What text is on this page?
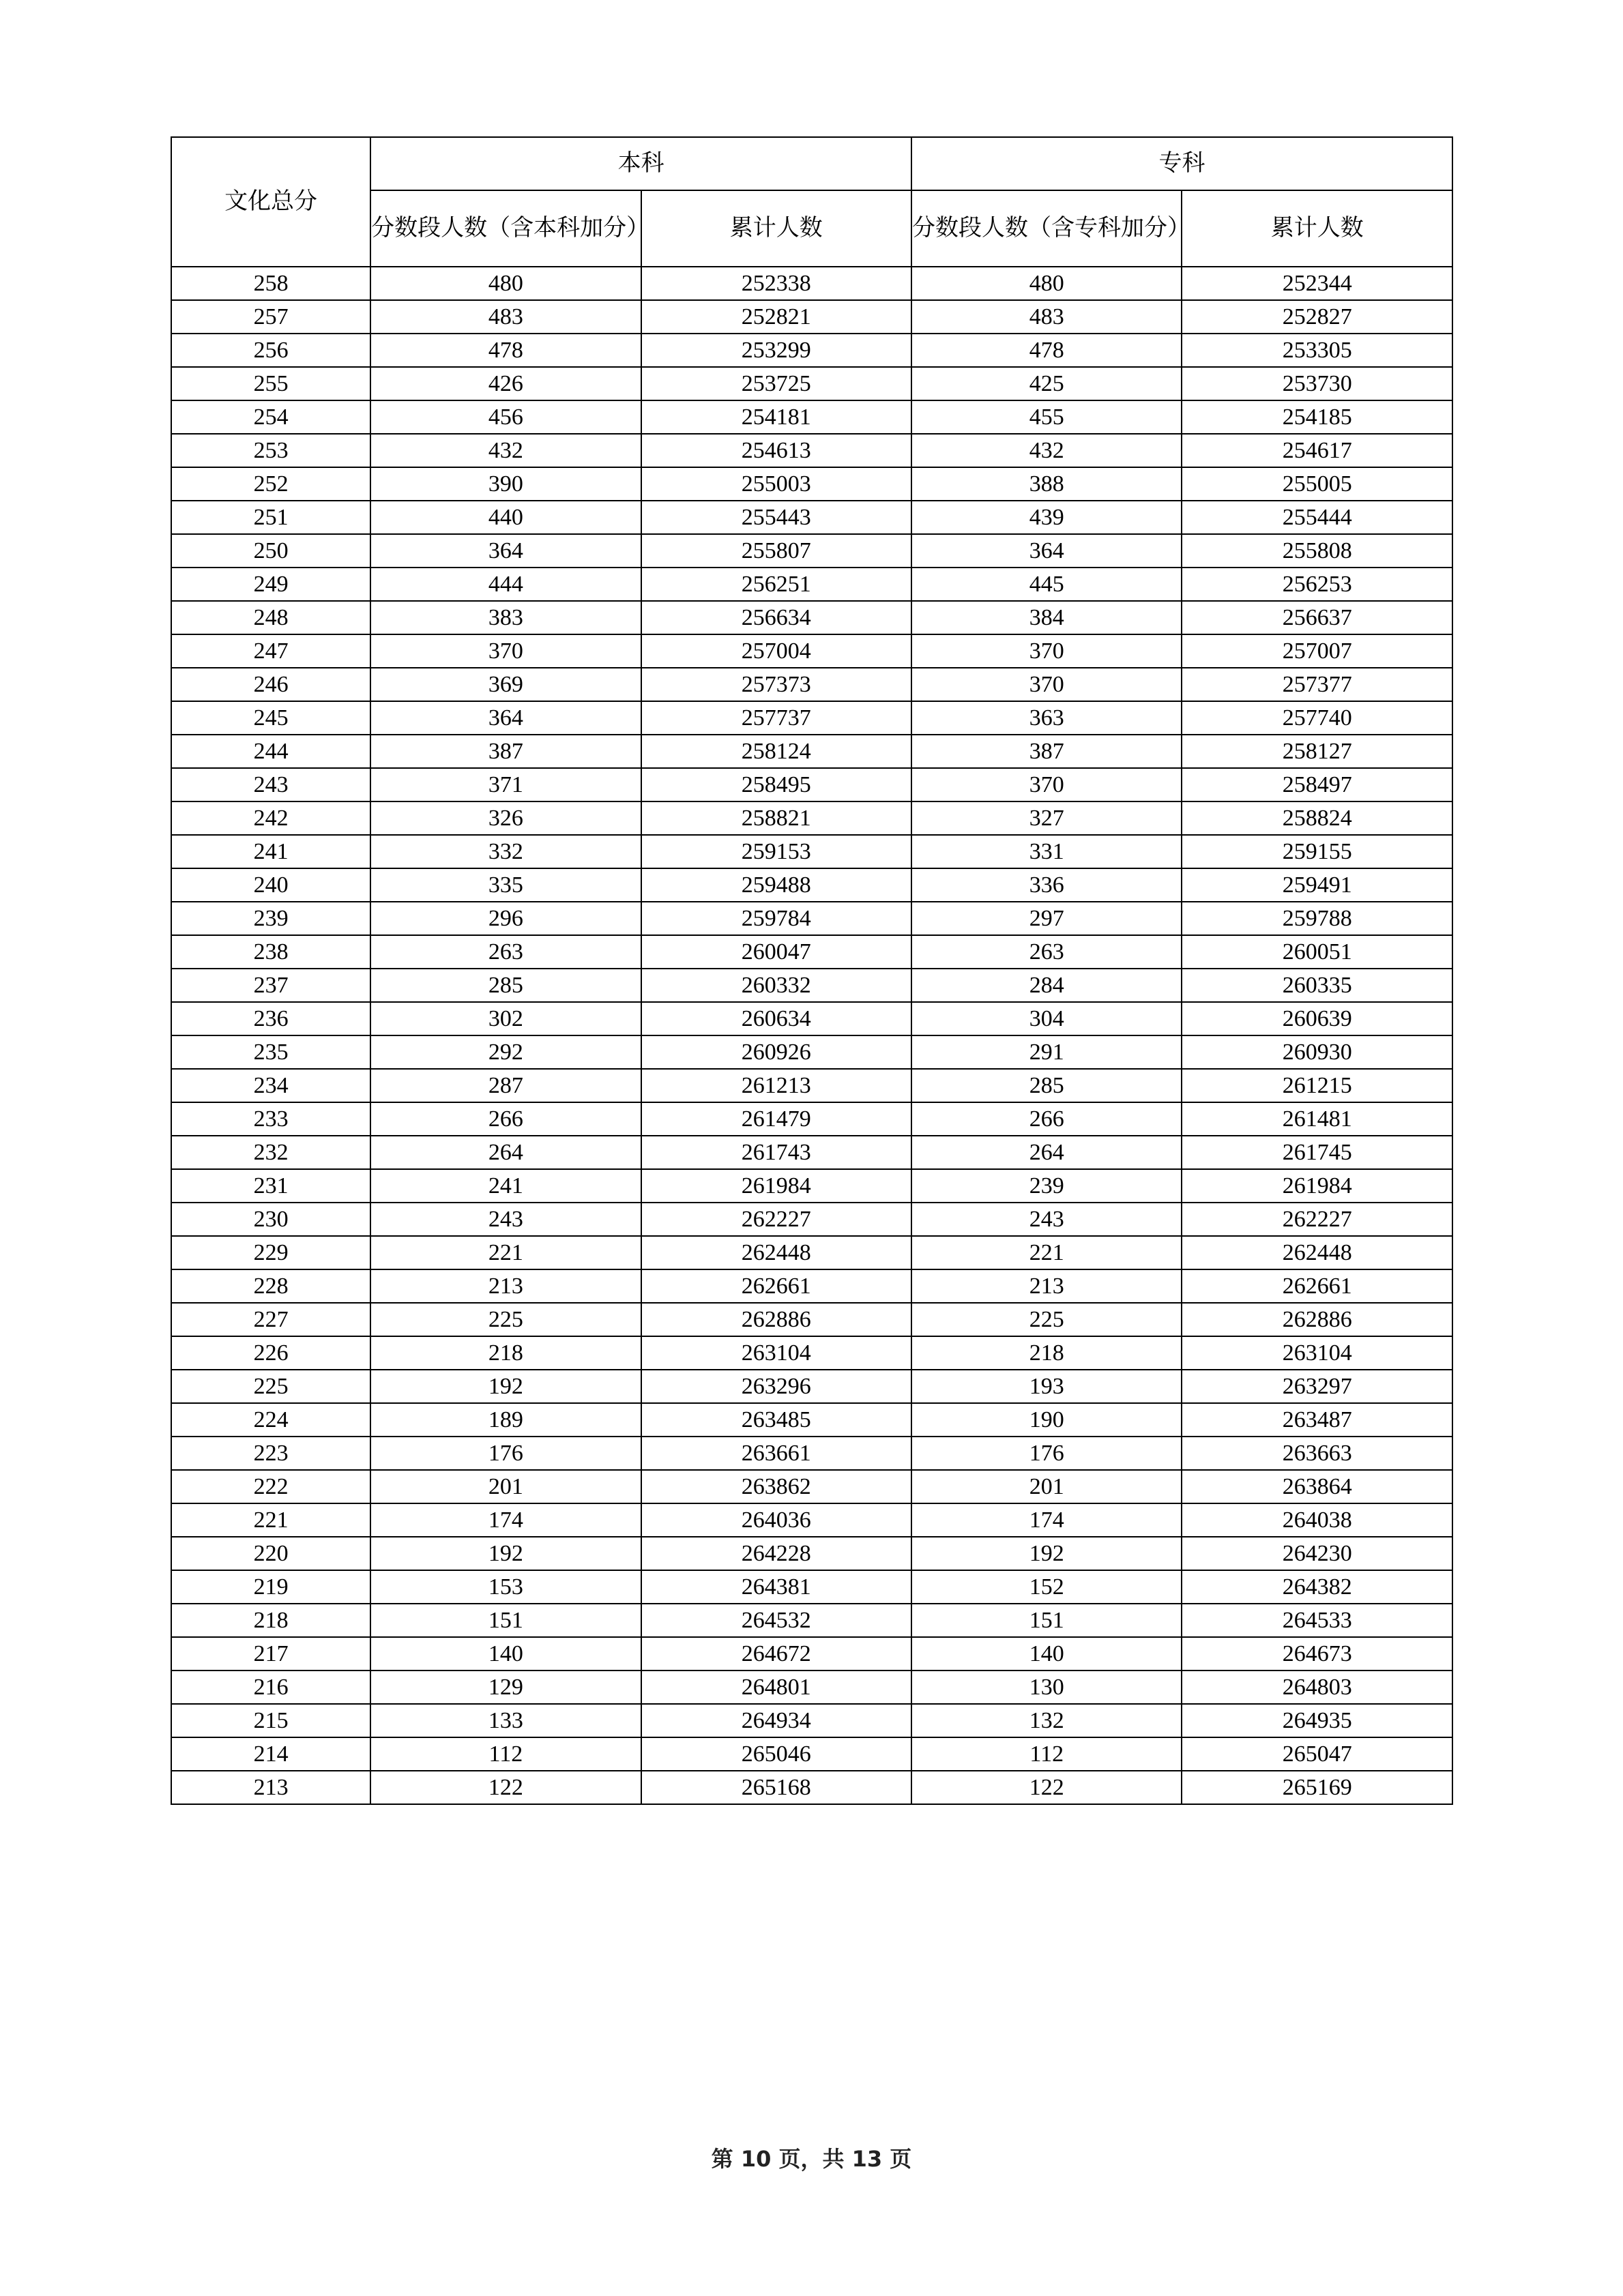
文化总分	本科		专科	
	分数段人数（含本科加分）	累计人数	分数段人数（含专科加分）	累计人数
258	480	252338	480	252344
257	483	252821	483	252827
256	478	253299	478	253305
255	426	253725	425	253730
254	456	254181	455	254185
253	432	254613	432	254617
252	390	255003	388	255005
251	440	255443	439	255444
250	364	255807	364	255808
249	444	256251	445	256253
248	383	256634	384	256637
247	370	257004	370	257007
246	369	257373	370	257377
245	364	257737	363	257740
244	387	258124	387	258127
243	371	258495	370	258497
242	326	258821	327	258824
241	332	259153	331	259155
240	335	259488	336	259491
239	296	259784	297	259788
238	263	260047	263	260051
237	285	260332	284	260335
236	302	260634	304	260639
235	292	260926	291	260930
234	287	261213	285	261215
233	266	261479	266	261481
232	264	261743	264	261745
231	241	261984	239	261984
230	243	262227	243	262227
229	221	262448	221	262448
228	213	262661	213	262661
227	225	262886	225	262886
226	218	263104	218	263104
225	192	263296	193	263297
224	189	263485	190	263487
223	176	263661	176	263663
222	201	263862	201	263864
221	174	264036	174	264038
220	192	264228	192	264230
219	153	264381	152	264382
218	151	264532	151	264533
217	140	264672	140	264673
216	129	264801	130	264803
215	133	264934	132	264935
214	112	265046	112	265047
213	122	265168	122	265169
第 10 页，共 13 页
